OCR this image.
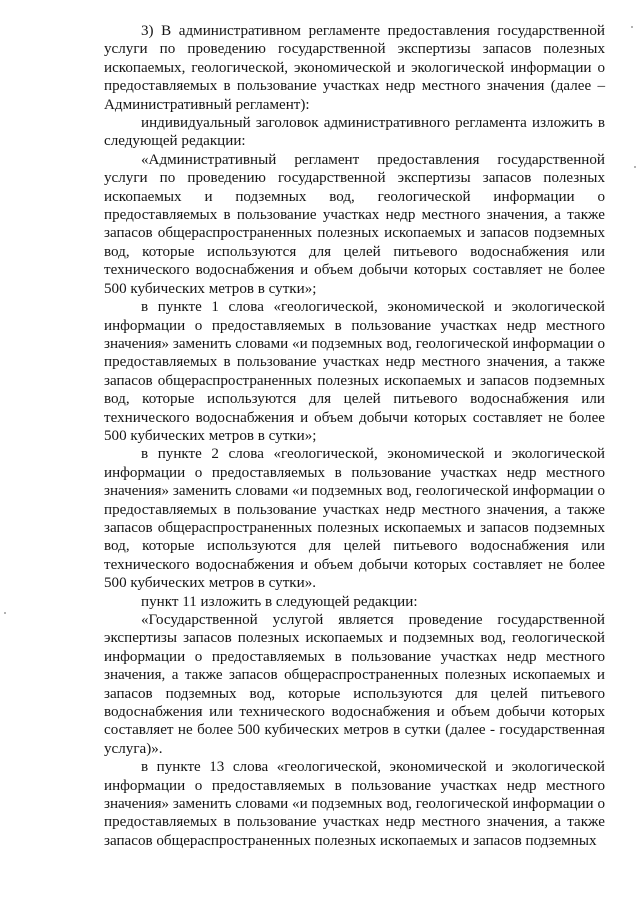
3) В административном регламенте предоставления государственной услуги по проведению государственной экспертизы запасов полезных ископаемых, геологической, экономической и экологической информации о предоставляемых в пользование участках недр местного значения (далее – Административный регламент):

индивидуальный заголовок административного регламента изложить в следующей редакции:

«Административный регламент предоставления государственной услуги по проведению государственной экспертизы запасов полезных ископаемых и подземных вод, геологической информации о предоставляемых в пользование участках недр местного значения, а также запасов общераспространенных полезных ископаемых и запасов подземных вод, которые используются для целей питьевого водоснабжения или технического водоснабжения и объем добычи которых составляет не более 500 кубических метров в сутки»;

в пункте 1 слова «геологической, экономической и экологической информации о предоставляемых в пользование участках недр местного значения» заменить словами «и подземных вод, геологической информации о предоставляемых в пользование участках недр местного значения, а также запасов общераспространенных полезных ископаемых и запасов подземных вод, которые используются для целей питьевого водоснабжения или технического водоснабжения и объем добычи которых составляет не более 500 кубических метров в сутки»;

в пункте 2 слова «геологической, экономической и экологической информации о предоставляемых в пользование участках недр местного значения» заменить словами «и подземных вод, геологической информации о предоставляемых в пользование участках недр местного значения, а также запасов общераспространенных полезных ископаемых и запасов подземных вод, которые используются для целей питьевого водоснабжения или технического водоснабжения и объем добычи которых составляет не более 500 кубических метров в сутки».

пункт 11 изложить в следующей редакции:

«Государственной услугой является проведение государственной экспертизы запасов полезных ископаемых и подземных вод, геологической информации о предоставляемых в пользование участках недр местного значения, а также запасов общераспространенных полезных ископаемых и запасов подземных вод, которые используются для целей питьевого водоснабжения или технического водоснабжения и объем добычи которых составляет не более 500 кубических метров в сутки (далее - государственная услуга)».

в пункте 13 слова «геологической, экономической и экологической информации о предоставляемых в пользование участках недр местного значения» заменить словами «и подземных вод, геологической информации о предоставляемых в пользование участках недр местного значения, а также запасов общераспространенных полезных ископаемых и запасов подземных
